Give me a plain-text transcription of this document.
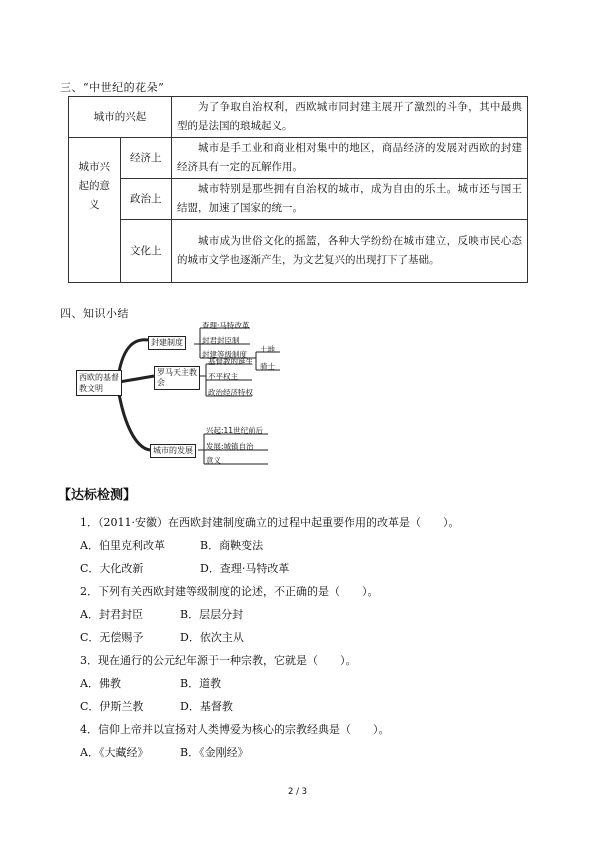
三、“中世纪的花朵”
城市的兴起		为了争取自治权利，西欧城市同封建主展开了激烈的斗争，其中最典型的是法国的琅城起义。
城市兴起的意义	经济上	城市是手工业和商业相对集中的地区，商品经济的发展对西欧的封建经济具有一定的瓦解作用。
	政治上	城市特别是那些拥有自治权的城市，成为自由的乐土。城市还与国王结盟，加速了国家的统一。
	文化上	城市成为世俗文化的摇篮，各种大学纷纷在城市建立，反映市民心态的城市文学也逐渐产生，为文艺复兴的出现打下了基础。
四、知识小结
西欧的基督教文明
封建制度
查理·马特改革
封君封臣制
封建等级制度
土地
骑士
罗马天主教会
基督教的诞生
不平权主
政治经济特权
城市的发展
兴起:11世纪前后
发展:城镇自治
意义
【达标检测】
1．（2011·安徽）在西欧封建制度确立的过程中起重要作用的改革是（　　）。
A．伯里克利改革	B．商鞅变法
C．大化改新	D．查理·马特改革
2．下列有关西欧封建等级制度的论述，不正确的是（　　）。
A．封君封臣	B．层层分封
C．无偿赐予	D．依次主从
3．现在通行的公元纪年源于一种宗教，它就是（　　）。
A．佛教	B．道教
C．伊斯兰教	D．基督教
4．信仰上帝并以宣扬对人类博爱为核心的宗教经典是（　　）。
A．《大藏经》	B．《金刚经》
2 / 3
